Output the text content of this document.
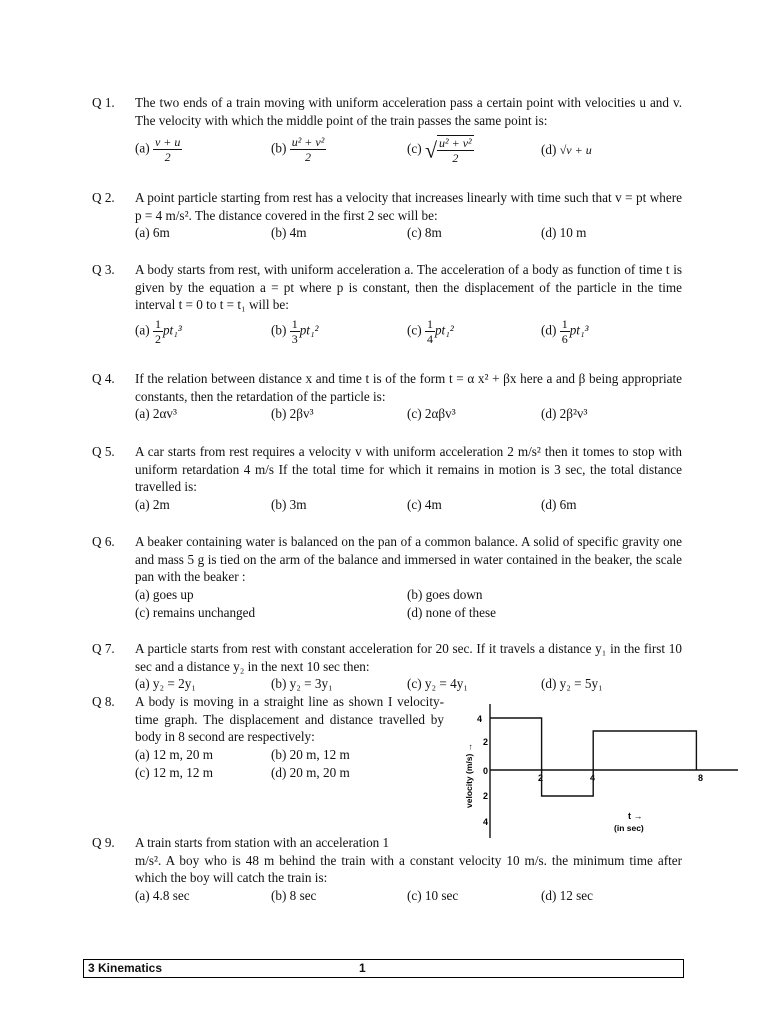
Q 1.	The two ends of a train moving with uniform acceleration pass a certain point with velocities u and v. The velocity with which the middle point of the train passes the same point is:
$(a) \frac{v + u}{2}$	$(b) \frac{\text{u² + v²}}{2}$	(c) √ $\frac{\text{u² + v²}}{2}$	(d) √v + u
Q 2.	A point particle starting from rest has a velocity that increases linearly with time such that v = pt where p = 4 m/s². The distance covered in the first 2 sec will be:
(a) 6m	(b) 4m	(c) 8m	(d) 10 m
Q 3.	A body starts from rest, with uniform acceleration a. The acceleration of a body as function of time t is given by the equation a = pt where p is constant, then the displacement of the particle in the time interval t = 0 to t = t₁ will be:
$(a) \frac{1}{2} pt_1^3$	$(b) \frac{1}{3} pt_1^2$	$(c) \frac{1}{4} pt_1^2$	$(d) \frac{1}{6} pt_1^3$
Q 4.	If the relation between distance x and time t is of the form t = α x² + βx here a and β being appropriate constants, then the retardation of the particle is:
(a) 2αv³	(b) 2βv³	(c) 2αβv³	(d) 2β²v³
Q 5.	A car starts from rest requires a velocity v with uniform acceleration 2 m/s² then it tomes to stop with uniform retardation 4 m/s If the total time for which it remains in motion is 3 sec, the total distance travelled is:
(a) 2m	(b) 3m	(c) 4m	(d) 6m
Q 6.	A beaker containing water is balanced on the pan of a common balance. A solid of specific gravity one and mass 5 g is tied on the arm of the balance and immersed in water contained in the beaker, the scale pan with the beaker :
(a) goes up	(b) goes down
(c) remains unchanged	(d) none of these
Q 7.	A particle starts from rest with constant acceleration for 20 sec. If it travels a distance y₁ in the first 10 sec and a distance y₂ in the next 10 sec then:
(a) y₂ = 2y₁	(b) y₂ = 3y₁	(c) y₂ = 4y₁	(d) y₂ = 5y₁
Q 8.	A body is moving in a straight line as shown I velocity-time graph. The displacement and distance travelled by body in 8 second are respectively:
(a) 12 m, 20 m	(b) 20 m, 12 m
(c) 12 m, 12 m	(d) 20 m, 20 m
4
2
0
2
4
velocity (m/s) →
t →
(in sec)
2	4	8
Q 9.	A train starts from station with an acceleration 1
m/s². A boy who is 48 m behind the train with a constant velocity 10 m/s. the minimum time after which the boy will catch the train is:
(a) 4.8 sec	(b) 8 sec	(c) 10 sec	(d) 12 sec
3 Kinematics	1
